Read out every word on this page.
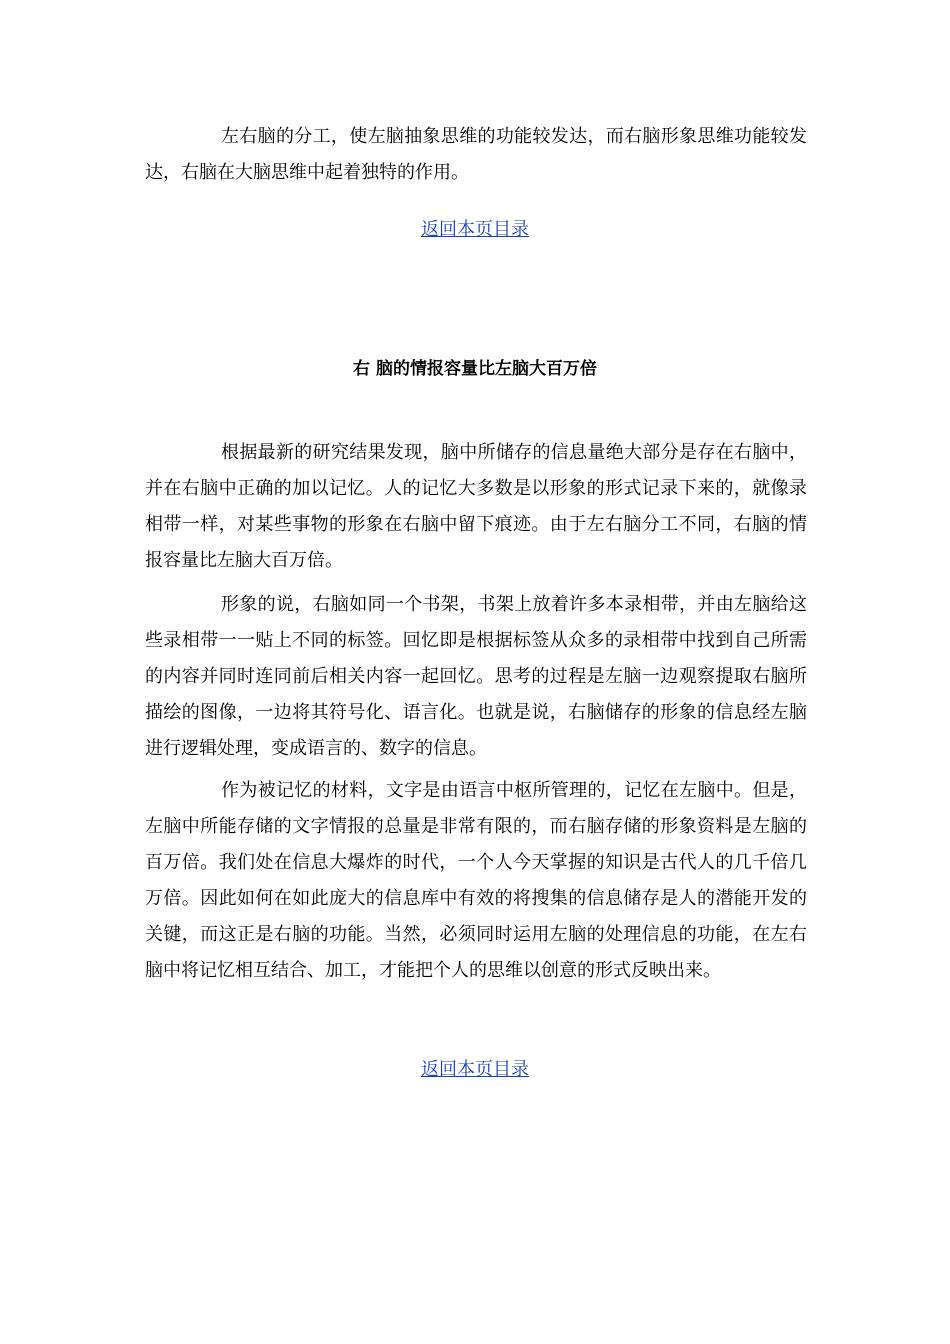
左右脑的分工，使左脑抽象思维的功能较发达，而右脑形象思维功能较发达，右脑在大脑思维中起着独特的作用。

返回本页目录
右 脑的情报容量比左脑大百万倍

根据最新的研究结果发现，脑中所储存的信息量绝大部分是存在右脑中，并在右脑中正确的加以记忆。人的记忆大多数是以形象的形式记录下来的，就像录 相带一样，对某些事物的形象在右脑中留下痕迹。由于左右脑分工不同，右脑的情报容量比左脑大百万倍。

形象的说，右脑如同一个书架，书架上放着许多本录相带，并由左脑给这些录相带一一贴上不同的标签。回忆即是根据标签从众多的录相带中找到自己所需 的内容并同时连同前后相关内容一起回忆。思考的过程是左脑一边观察提取右脑所描绘的图像，一边将其符号化、语言化。也就是说，右脑储存的形象的信息经左脑 进行逻辑处理，变成语言的、数字的信息。

作为被记忆的材料，文字是由语言中枢所管理的，记忆在左脑中。但是，左脑中所能存储的文字情报的总量是非常有限的，而右脑存储的形象资料是左脑的 百万倍。我们处在信息大爆炸的时代，一个人今天掌握的知识是古代人的几千倍几万倍。因此如何在如此庞大的信息库中有效的将搜集的信息储存是人的潜能开发的 关键，而这正是右脑的功能。当然，必须同时运用左脑的处理信息的功能，在左右脑中将记忆相互结合、加工，才能把个人的思维以创意的形式反映出来。

返回本页目录
